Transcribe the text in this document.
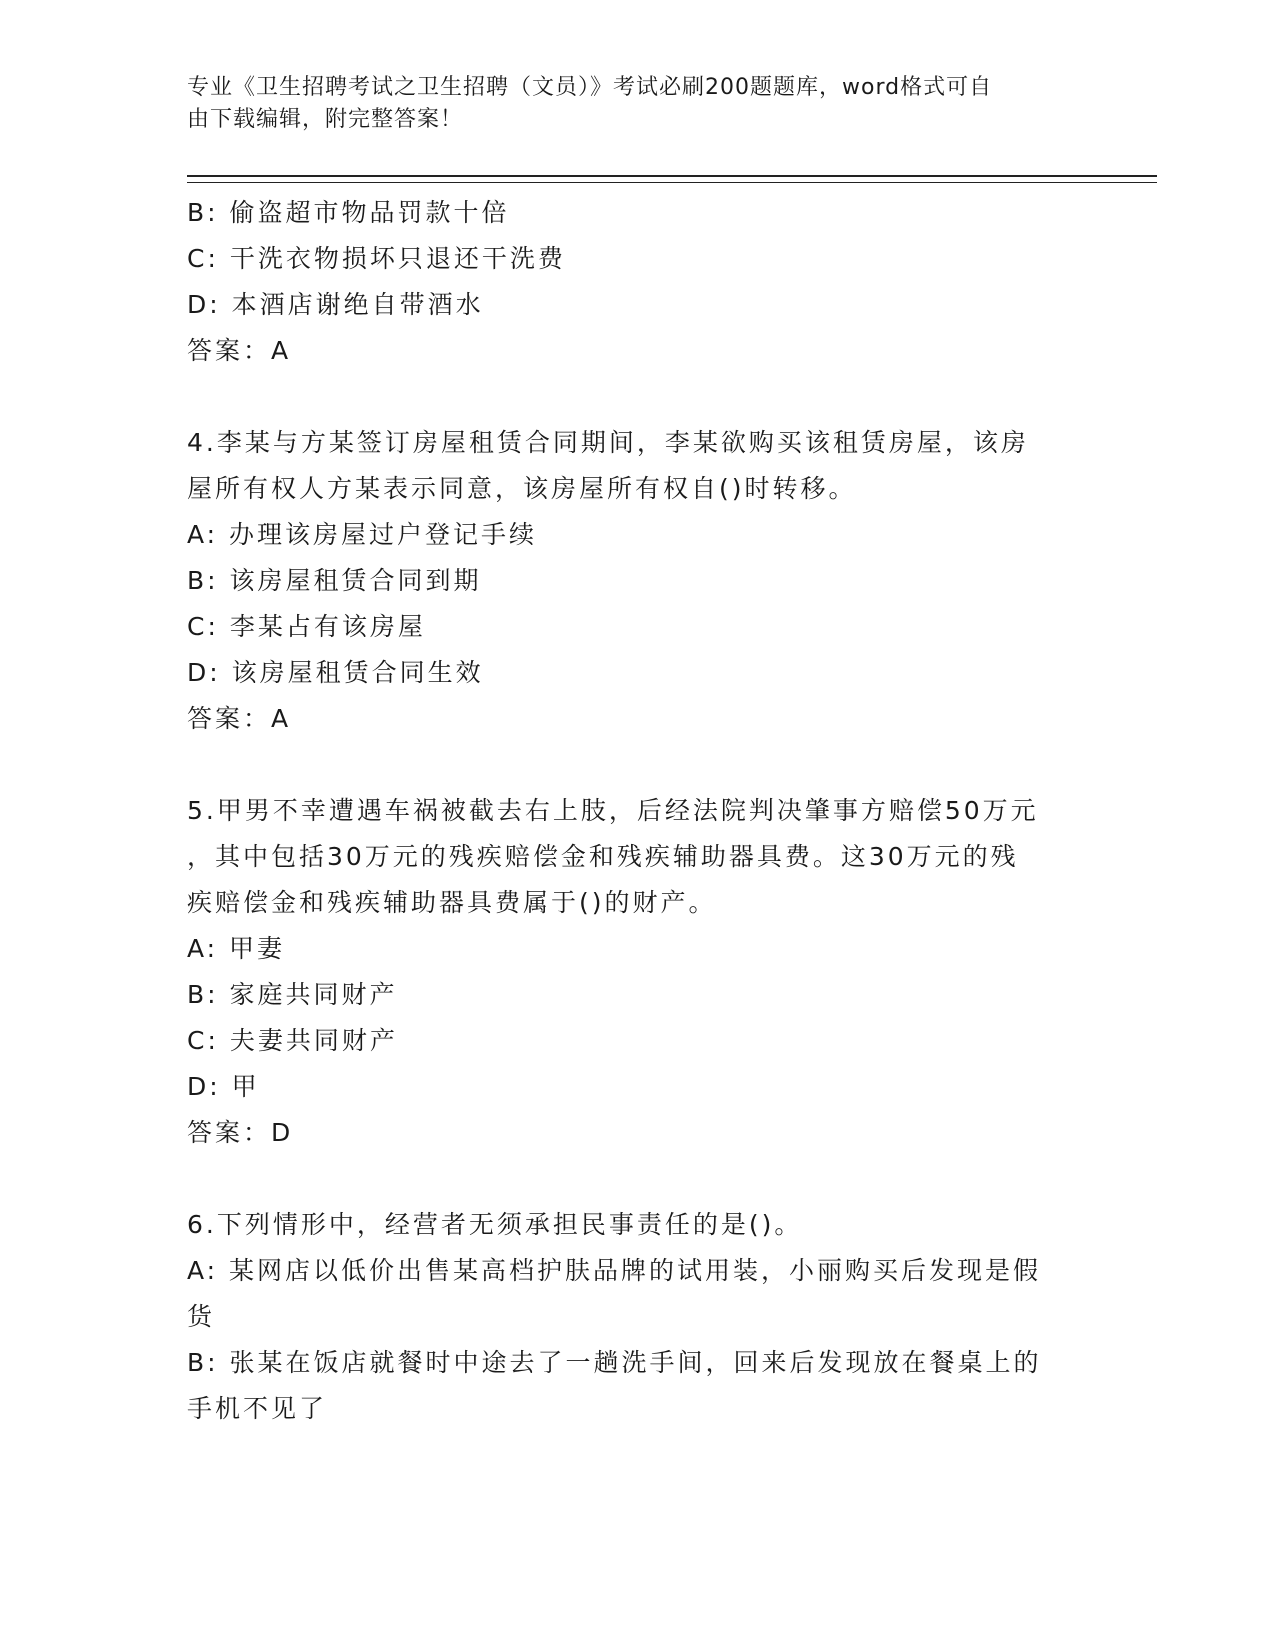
专业《卫生招聘考试之卫生招聘（文员）》考试必刷200题题库，word格式可自
由下载编辑，附完整答案！
B: 偷盗超市物品罚款十倍
C: 干洗衣物损坏只退还干洗费
D: 本酒店谢绝自带酒水
答案：A
4.李某与方某签订房屋租赁合同期间，李某欲购买该租赁房屋，该房
屋所有权人方某表示同意，该房屋所有权自()时转移。
A: 办理该房屋过户登记手续
B: 该房屋租赁合同到期
C: 李某占有该房屋
D: 该房屋租赁合同生效
答案：A
5.甲男不幸遭遇车祸被截去右上肢，后经法院判决肇事方赔偿50万元
，其中包括30万元的残疾赔偿金和残疾辅助器具费。这30万元的残
疾赔偿金和残疾辅助器具费属于()的财产。
A: 甲妻
B: 家庭共同财产
C: 夫妻共同财产
D: 甲
答案：D
6.下列情形中，经营者无须承担民事责任的是()。
A: 某网店以低价出售某高档护肤品牌的试用装，小丽购买后发现是假
货
B: 张某在饭店就餐时中途去了一趟洗手间，回来后发现放在餐桌上的
手机不见了
